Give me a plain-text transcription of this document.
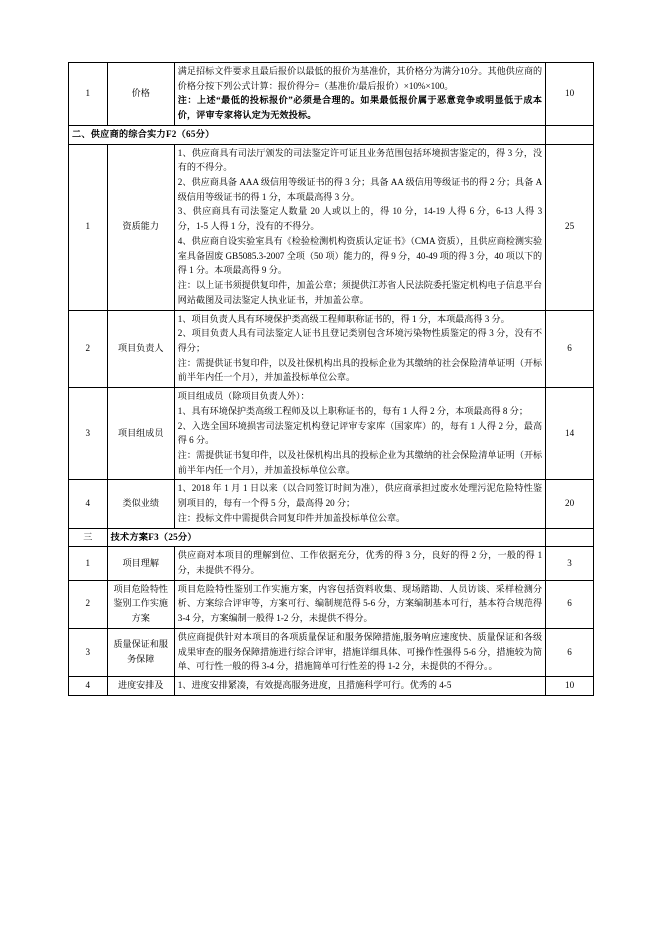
1	价格	满足招标文件要求且最后报价以最低的报价为基准价，其价格分为满分10分。其他供应商的价格分按下列公式计算：报价得分=（基准价/最后报价）×10%×100。

注：上述“最低的投标报价”必须是合理的。如果最低报价属于恶意竞争或明显低于成本价，评审专家将认定为无效投标。	10
二、供应商的综合实力F2（65分）			
1	资质能力	1、供应商具有司法厅颁发的司法鉴定许可证且业务范围包括环境损害鉴定的，得 3 分，没有的不得分。

2、供应商具备 AAA 级信用等级证书的得 3 分；具备 AA 级信用等级证书的得 2 分；具备 A 级信用等级证书的得 1 分，本项最高得 3 分。

3、供应商具有司法鉴定人数量 20 人或以上的，得 10 分，14-19 人得 6 分，6-13 人得 3 分，1-5 人得 1 分，没有的不得分。

4、供应商自设实验室具有《检验检测机构资质认定证书》（CMA 资质），且供应商检测实验室具备固废 GB5085.3-2007 全项（50 项）能力的，得 9 分，40-49 项的得 3 分，40 项以下的得 1 分。本项最高得 9 分。

注：以上证书须提供复印件，加盖公章；须提供江苏省人民法院委托鉴定机构电子信息平台网站截图及司法鉴定人执业证书，并加盖公章。	25
2	项目负责人	1、项目负责人具有环境保护类高级工程师职称证书的，得 1 分，本项最高得 3 分。

2、项目负责人具有司法鉴定人证书且登记类别包含环境污染物性质鉴定的得 3 分，没有不得分；

注：需提供证书复印件，以及社保机构出具的投标企业为其缴纳的社会保险清单证明（开标前半年内任一个月），并加盖投标单位公章。	6
3	项目组成员	项目组成员（除项目负责人外）：

1、具有环境保护类高级工程师及以上职称证书的，每有 1 人得 2 分，本项最高得 8 分；

2、入选全国环境损害司法鉴定机构登记评审专家库（国家库）的，每有 1 人得 2 分，最高得 6 分。

注：需提供证书复印件，以及社保机构出具的投标企业为其缴纳的社会保险清单证明（开标前半年内任一个月），并加盖投标单位公章。	14
4	类似业绩	1、2018 年 1 月 1 日以来（以合同签订时间为准），供应商承担过废水处理污泥危险特性鉴别项目的，每有一个得 5 分，最高得 20 分；

注：投标文件中需提供合同复印件并加盖投标单位公章。	20
三	技术方案F3（25分）		
1	项目理解	供应商对本项目的理解到位、工作依据充分，优秀的得 3 分，良好的得 2 分，一般的得 1 分，未提供不得分。	3
2	项目危险特性鉴别工作实施方案	项目危险特性鉴别工作实施方案，内容包括资料收集、现场踏勘、人员访谈、采样检测分析、方案综合评审等，方案可行、编制规范得 5-6 分，方案编制基本可行，基本符合规范得 3-4 分，方案编制一般得 1-2 分，未提供不得分。	6
3	质量保证和服务保障	供应商提供针对本项目的各项质量保证和服务保障措施,服务响应速度快、质量保证和各级成果审查的服务保障措施进行综合评审，措施详细具体、可操作性强得 5-6 分，措施较为简单、可行性一般的得 3-4 分，措施简单可行性差的得 1-2 分，未提供的不得分。。	6
4	进度安排及	1、进度安排紧凑，有效提高服务进度，且措施科学可行。优秀的 4-5	10
